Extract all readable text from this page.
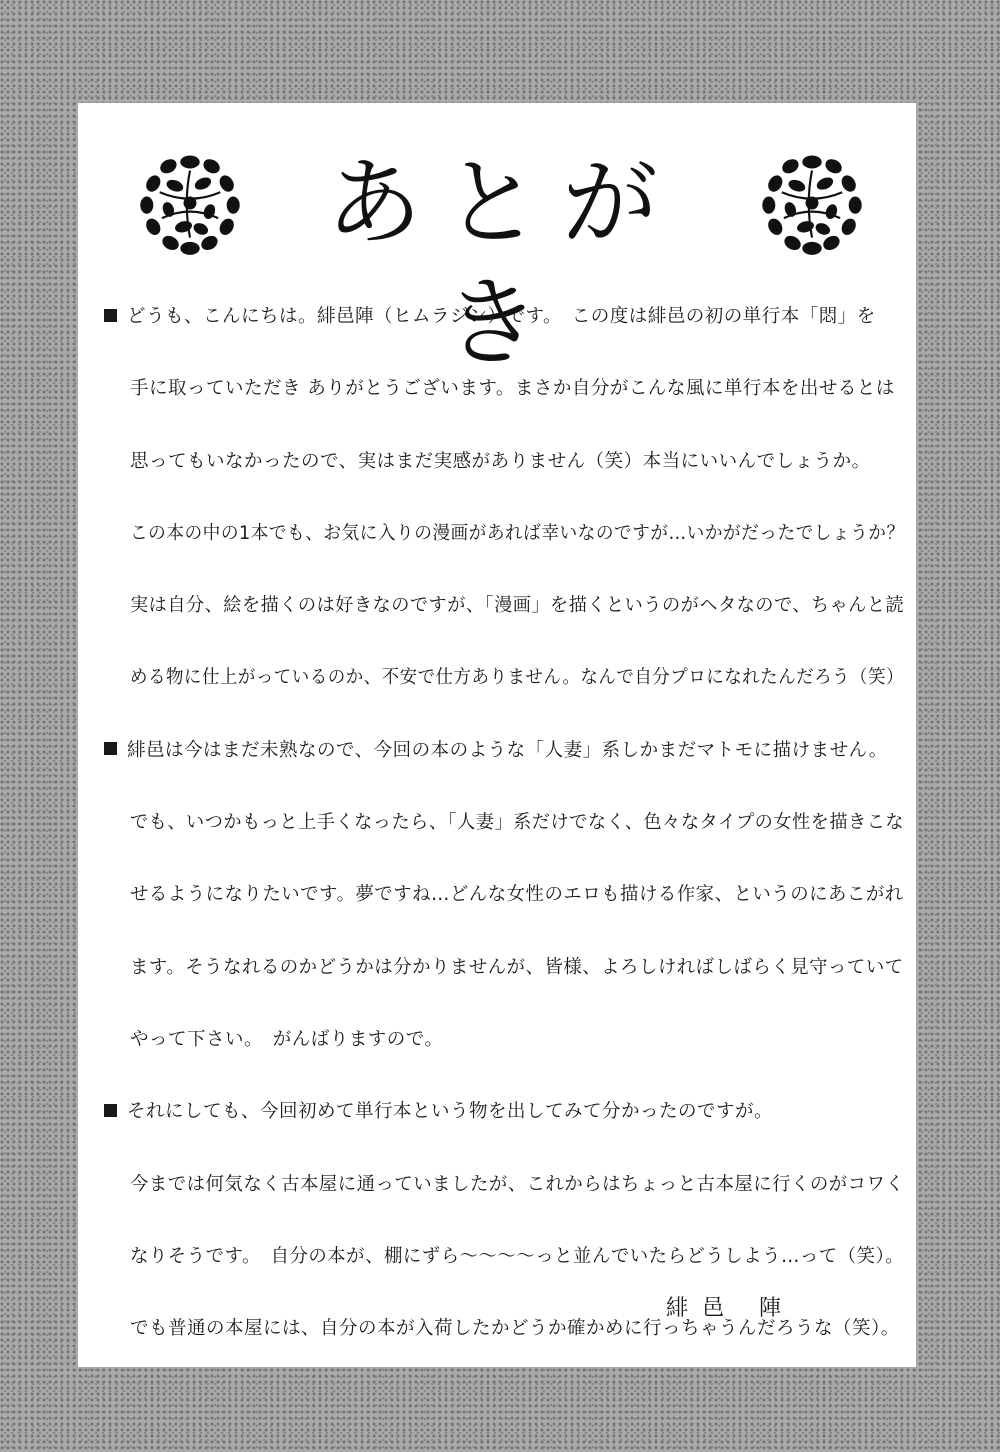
あとがき
どうも、こんにちは。緋邑陣（ヒムラジン）です。　この度は緋邑の初の単行本「悶」を
手に取っていただき ありがとうございます。まさか自分がこんな風に単行本を出せるとは
思ってもいなかったので、実はまだ実感がありません（笑）本当にいいんでしょうか。
この本の中の1本でも、お気に入りの漫画があれば幸いなのですが…いかがだったでしょうか？
実は自分、絵を描くのは好きなのですが、「漫画」を描くというのがヘタなので、ちゃんと読
める物に仕上がっているのか、不安で仕方ありません。なんで自分プロになれたんだろう（笑）
緋邑は今はまだ未熟なので、今回の本のような「人妻」系しかまだマトモに描けません。
でも、いつかもっと上手くなったら、「人妻」系だけでなく、色々なタイプの女性を描きこな
せるようになりたいです。夢ですね…どんな女性のエロも描ける作家、というのにあこがれ
ます。そうなれるのかどうかは分かりませんが、皆様、よろしければしばらく見守っていて
やって下さい。　がんばりますので。
それにしても、今回初めて単行本という物を出してみて分かったのですが。
今までは何気なく古本屋に通っていましたが、これからはちょっと古本屋に行くのがコワく
なりそうです。　自分の本が、棚にずら～～～～っと並んでいたらどうしよう…って（笑）。
でも普通の本屋には、自分の本が入荷したかどうか確かめに行っちゃうんだろうな（笑）。
緋邑 陣
